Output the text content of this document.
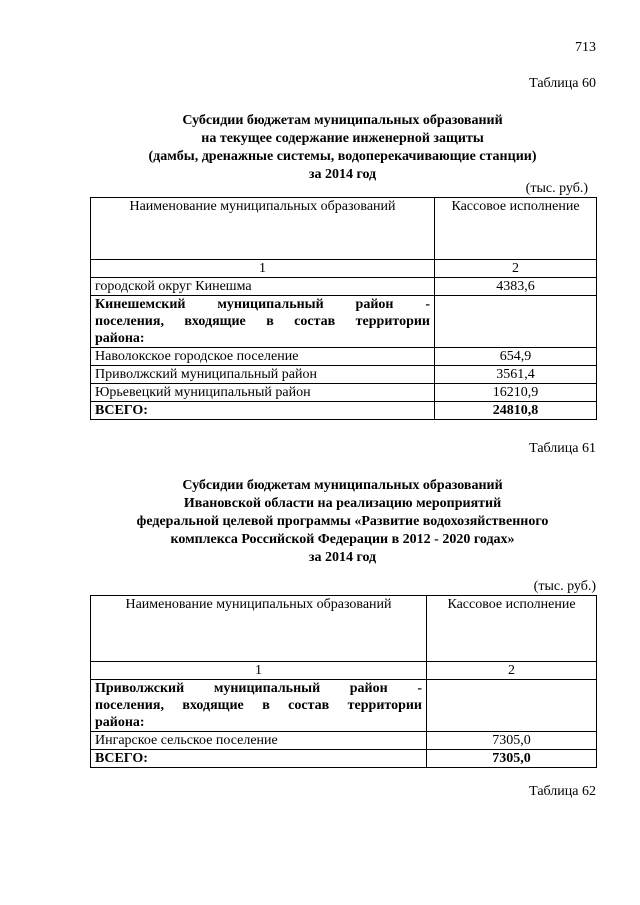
713
Таблица 60
Субсидии бюджетам муниципальных образований
на текущее содержание инженерной защиты
(дамбы, дренажные системы, водоперекачивающие станции)
за 2014 год
(тыс. руб.)
Наименование муниципальных образований	Кассовое исполнение
1	2
городской округ Кинешма	4383,6

Кинешемский муниципальный район -
поселения, входящие в состав территории
района:	

Наволокское городское поселение	654,9
Приволжский муниципальный район	3561,4
Юрьевецкий муниципальный район	16210,9
ВСЕГО:	24810,8
Таблица 61
Субсидии бюджетам муниципальных образований
Ивановской области на реализацию мероприятий
федеральной целевой программы «Развитие водохозяйственного
комплекса Российской Федерации в 2012 - 2020 годах»
за 2014 год
(тыс. руб.)
Наименование муниципальных образований	Кассовое исполнение
1	2

Приволжский муниципальный район -
поселения, входящие в состав территории
района:	

Ингарское сельское поселение	7305,0
ВСЕГО:	7305,0
Таблица 62
